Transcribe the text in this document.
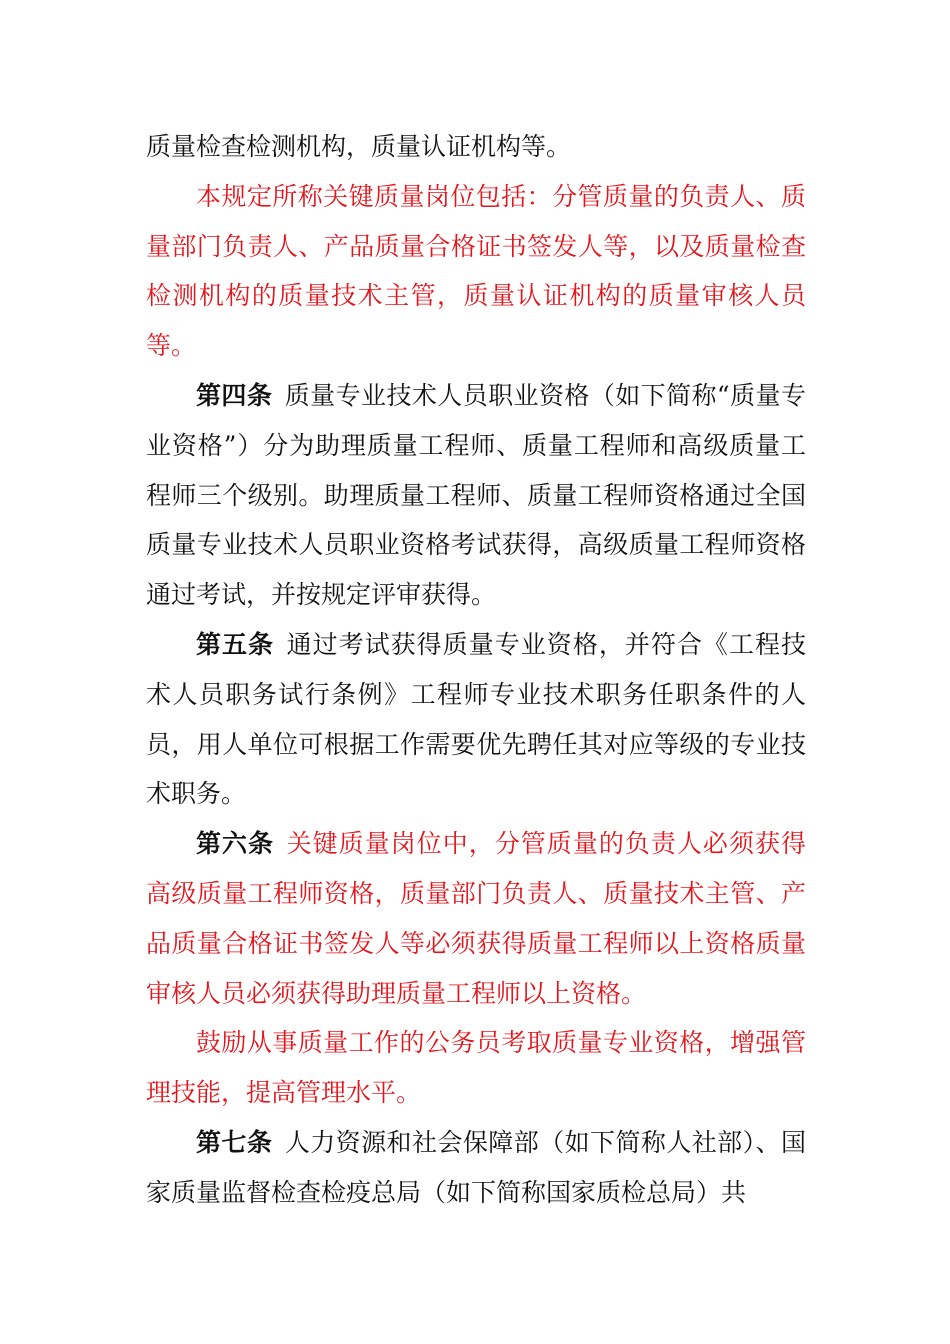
质量检查检测机构，质量认证机构等。

本规定所称关键质量岗位包括：分管质量的负责人、质量部门负责人、产品质量合格证书签发人等，以及质量检查检测机构的质量技术主管，质量认证机构的质量审核人员等。

第四条 质量专业技术人员职业资格（如下简称“质量专业资格”）分为助理质量工程师、质量工程师和高级质量工程师三个级别。助理质量工程师、质量工程师资格通过全国质量专业技术人员职业资格考试获得，高级质量工程师资格通过考试，并按规定评审获得。

第五条 通过考试获得质量专业资格，并符合《工程技术人员职务试行条例》工程师专业技术职务任职条件的人员，用人单位可根据工作需要优先聘任其对应等级的专业技术职务。

第六条 关键质量岗位中，分管质量的负责人必须获得高级质量工程师资格，质量部门负责人、质量技术主管、产品质量合格证书签发人等必须获得质量工程师以上资格质量审核人员必须获得助理质量工程师以上资格。

鼓励从事质量工作的公务员考取质量专业资格，增强管理技能，提高管理水平。

第七条 人力资源和社会保障部（如下简称人社部）、国家质量监督检查检疫总局（如下简称国家质检总局）共
